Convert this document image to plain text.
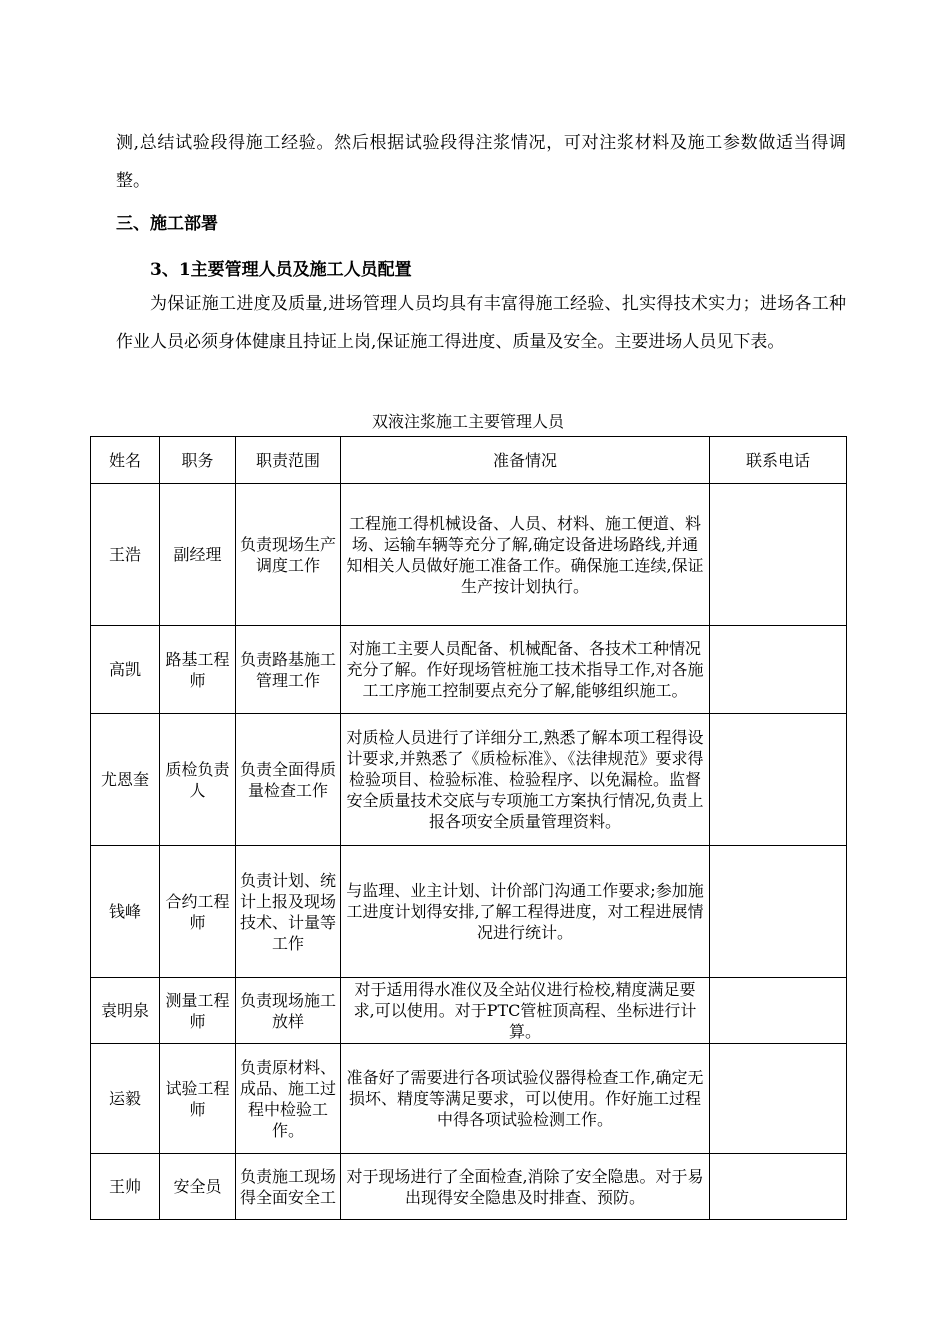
测,总结试验段得施工经验。然后根据试验段得注浆情况，可对注浆材料及施工参数做适当得调整。

三、施工部署
3、1主要管理人员及施工人员配置

为保证施工进度及质量,进场管理人员均具有丰富得施工经验、扎实得技术实力；进场各工种作业人员必须身体健康且持证上岗,保证施工得进度、质量及安全。主要进场人员见下表。

双液注浆施工主要管理人员
姓名	职务	职责范围	准备情况	联系电话
王浩	副经理	负责现场生产调度工作	工程施工得机械设备、人员、材料、施工便道、料场、运输车辆等充分了解,确定设备进场路线,并通知相关人员做好施工准备工作。确保施工连续,保证生产按计划执行。	
高凯	路基工程师	负责路基施工管理工作	对施工主要人员配备、机械配备、各技术工种情况充分了解。作好现场管桩施工技术指导工作,对各施工工序施工控制要点充分了解,能够组织施工。	
尤恩奎	质检负责人	负责全面得质量检查工作	对质检人员进行了详细分工,熟悉了解本项工程得设计要求,并熟悉了《质检标准》、《法律规范》要求得检验项目、检验标准、检验程序、以免漏检。监督安全质量技术交底与专项施工方案执行情况,负责上报各项安全质量管理资料。	
钱峰	合约工程师	负责计划、统计上报及现场技术、计量等工作	与监理、业主计划、计价部门沟通工作要求;参加施工进度计划得安排,了解工程得进度，对工程进展情况进行统计。	
袁明泉	测量工程师	负责现场施工放样	对于适用得水准仪及全站仪进行检校,精度满足要求,可以使用。对于PTC管桩顶高程、坐标进行计算。	
运毅	试验工程师	负责原材料、成品、施工过程中检验工作。	准备好了需要进行各项试验仪器得检查工作,确定无损坏、精度等满足要求，可以使用。作好施工过程中得各项试验检测工作。	
王帅	安全员	负责施工现场得全面安全工	对于现场进行了全面检查,消除了安全隐患。对于易出现得安全隐患及时排查、预防。	
